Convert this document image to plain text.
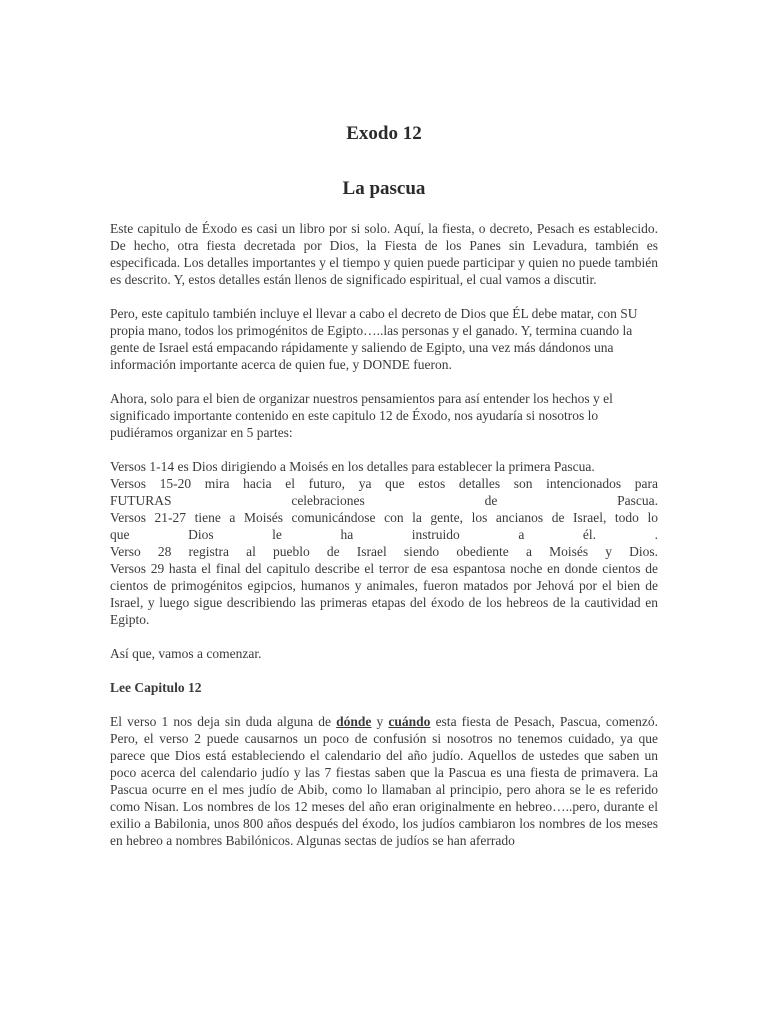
Exodo 12
La pascua

Este capitulo de Éxodo es casi un libro por si solo. Aquí, la fiesta, o decreto, Pesach es establecido. De hecho, otra fiesta decretada por Dios, la Fiesta de los Panes sin Levadura, también es especificada. Los detalles importantes y el tiempo y quien puede participar y quien no puede también es descrito. Y, estos detalles están llenos de significado espiritual, el cual vamos a discutir.

Pero, este capitulo también incluye el llevar a cabo el decreto de Dios que ÉL debe matar, con SU propia mano, todos los primogénitos de Egipto…..las personas y el ganado. Y, termina cuando la gente de Israel está empacando rápidamente y saliendo de Egipto, una vez más dándonos una información importante acerca de quien fue, y DONDE fueron.

Ahora, solo para el bien de organizar nuestros pensamientos para así entender los hechos y el significado importante contenido en este capitulo 12 de Éxodo, nos ayudaría si nosotros lo pudiéramos organizar en 5 partes:

Versos 1-14 es Dios dirigiendo a Moisés en los detalles para establecer la primera Pascua.

Versos 15-20 mira hacia el futuro, ya que estos detalles son intencionados para

FUTURAS celebraciones de Pascua.

Versos 21-27 tiene a Moisés comunicándose con la gente, los ancianos de Israel, todo lo

que Dios le ha instruido a él. .

Verso 28 registra al pueblo de Israel siendo obediente a Moisés y Dios.

Versos 29 hasta el final del capitulo describe el terror de esa espantosa noche en donde cientos de cientos de primogénitos egipcios, humanos y animales, fueron matados por Jehová por el bien de Israel, y luego sigue describiendo las primeras etapas del éxodo de los hebreos de la cautividad en Egipto.

Así que, vamos a comenzar.

Lee Capitulo 12

El verso 1 nos deja sin duda alguna de dónde y cuándo esta fiesta de Pesach, Pascua, comenzó. Pero, el verso 2 puede causarnos un poco de confusión si nosotros no tenemos cuidado, ya que parece que Dios está estableciendo el calendario del año judío. Aquellos de ustedes que saben un poco acerca del calendario judío y las 7 fiestas saben que la Pascua es una fiesta de primavera. La Pascua ocurre en el mes judío de Abib, como lo llamaban al principio, pero ahora se le es referido como Nisan. Los nombres de los 12 meses del año eran originalmente en hebreo…..pero, durante el exilio a Babilonia, unos 800 años después del éxodo, los judíos cambiaron los nombres de los meses en hebreo a nombres Babilónicos. Algunas sectas de judíos se han aferrado
